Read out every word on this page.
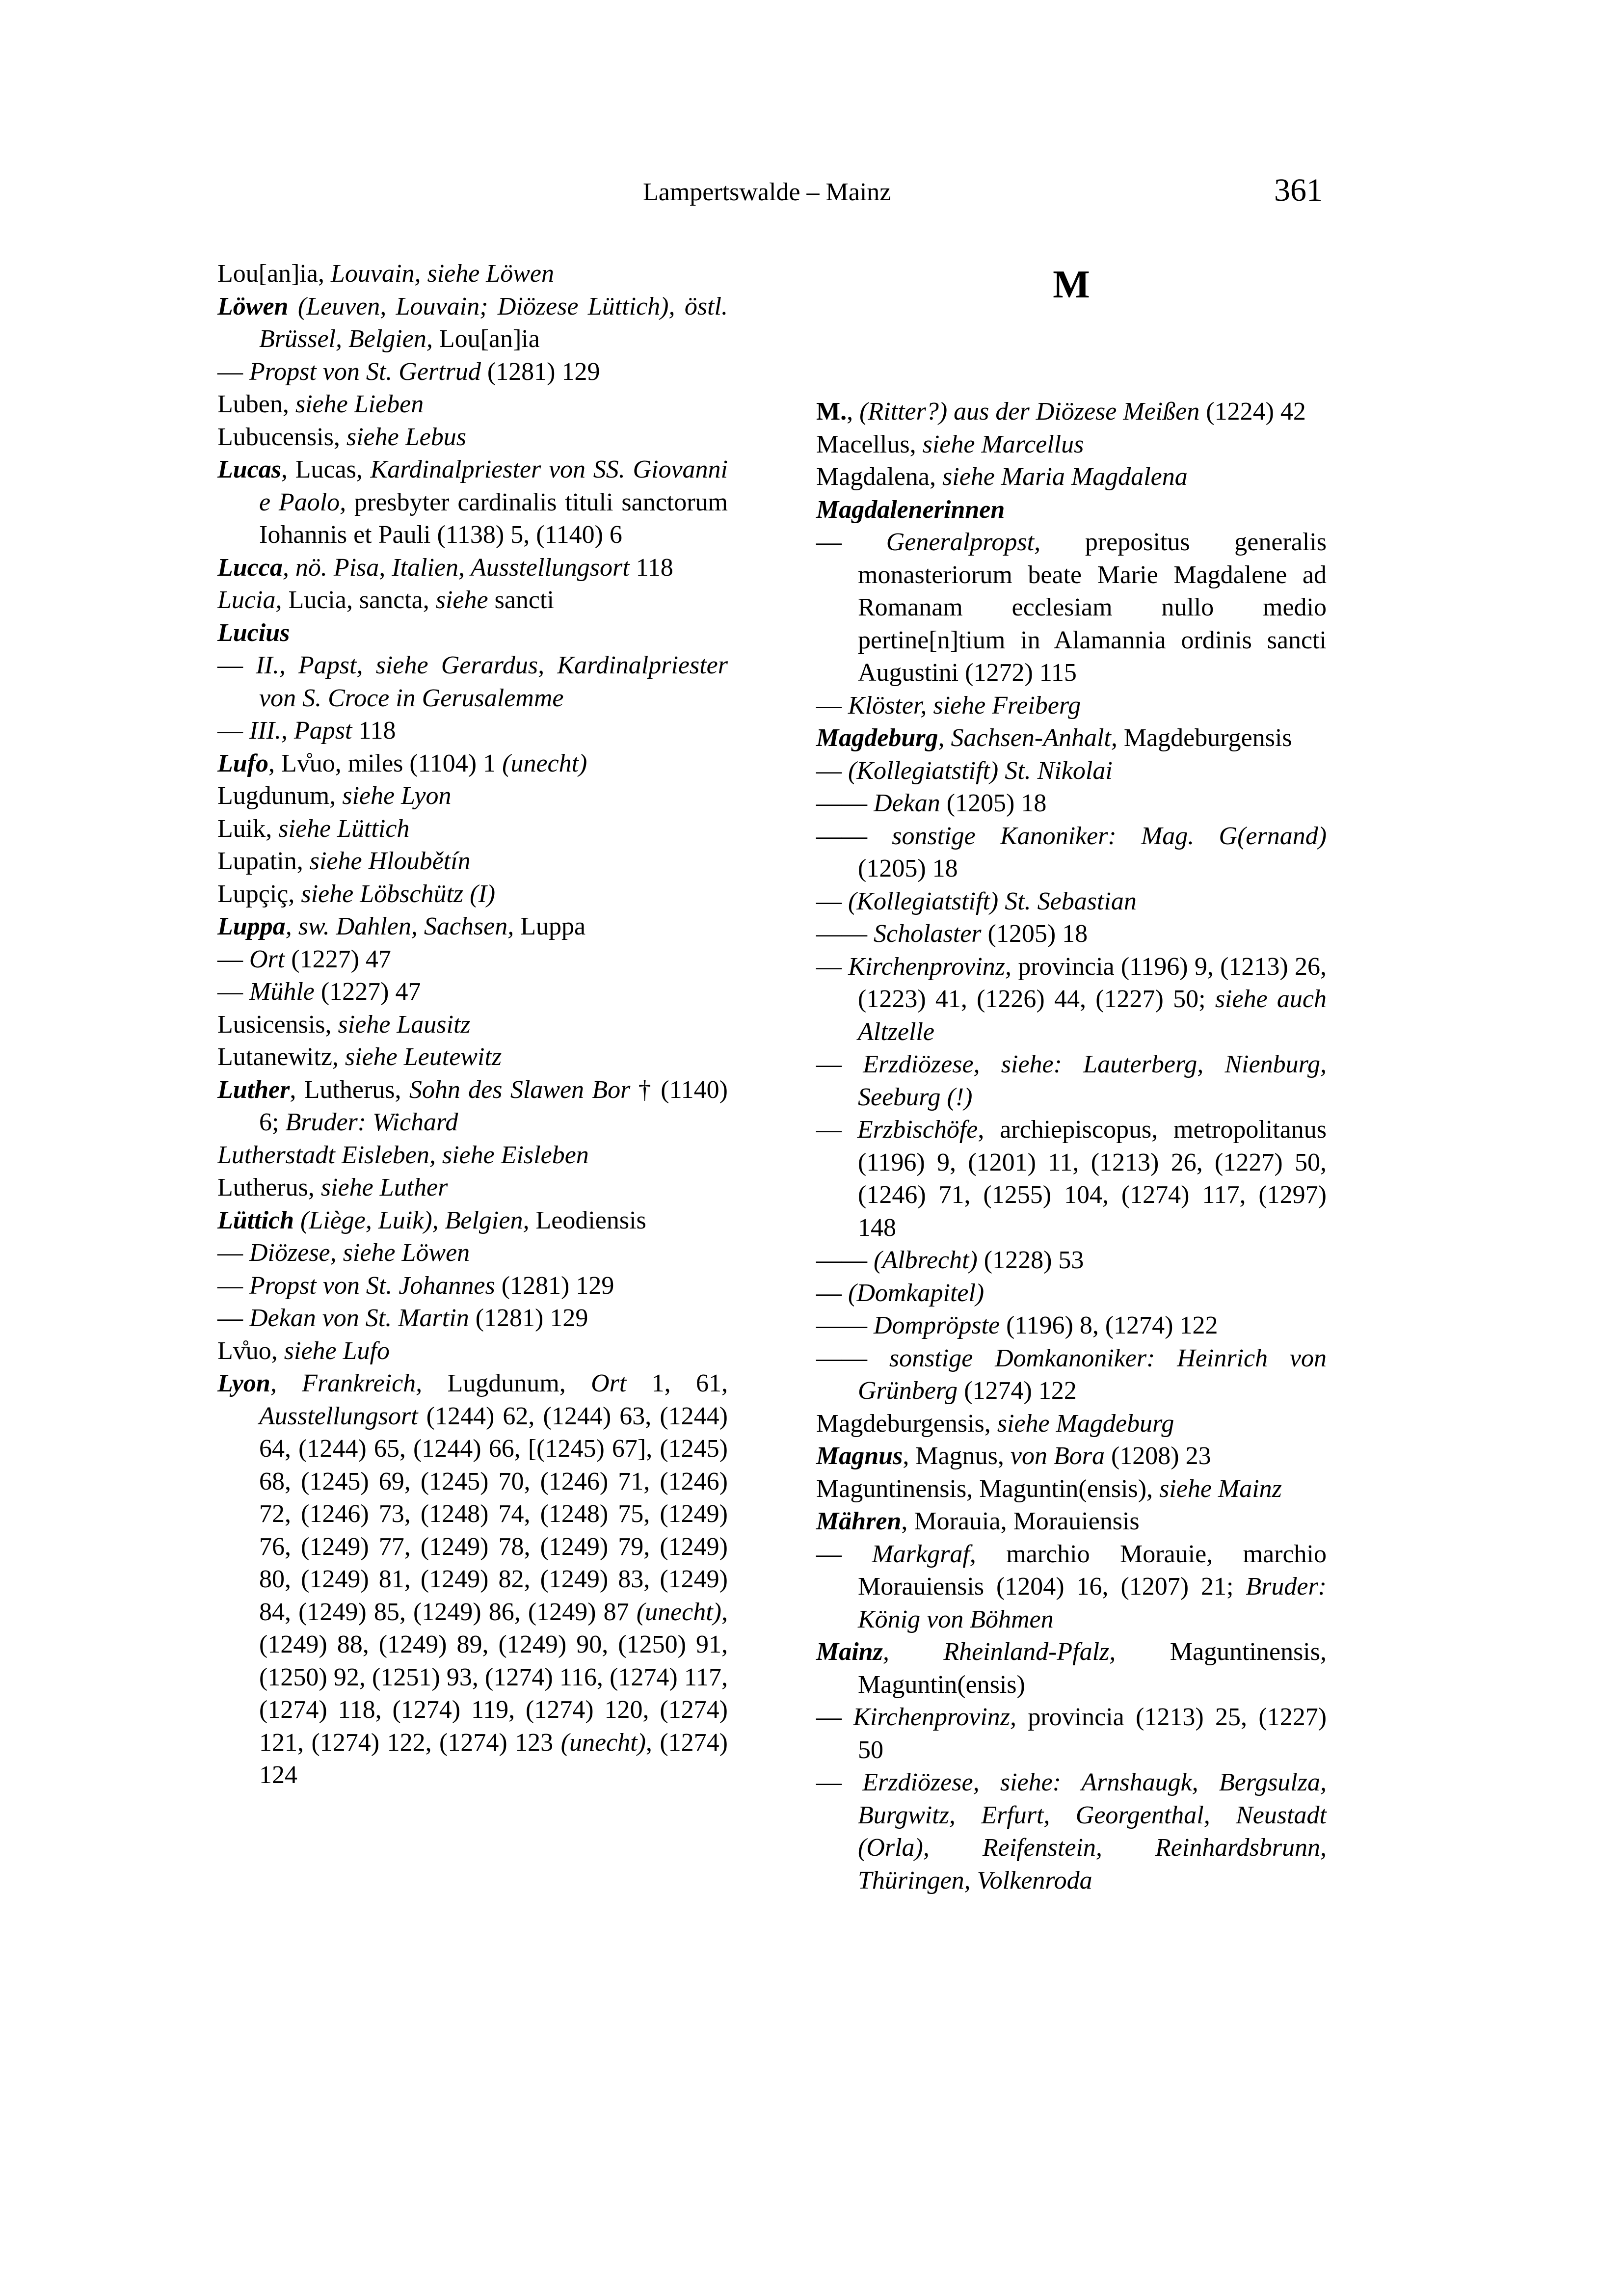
Lampertswalde – Mainz	361
Lou[an]ia, Louvain, siehe Löwen
Löwen (Leuven, Louvain; Diözese Lüttich), östl. Brüssel, Belgien, Lou[an]ia
— Propst von St. Gertrud (1281) 129
Luben, siehe Lieben
Lubucensis, siehe Lebus
Lucas, Lucas, Kardinalpriester von SS. Giovanni e Paolo, presbyter cardinalis tituli sanctorum Iohannis et Pauli (1138) 5, (1140) 6
Lucca, nö. Pisa, Italien, Ausstellungsort 118
Lucia, Lucia, sancta, siehe sancti
Lucius
— II., Papst, siehe Gerardus, Kardinalpriester von S. Croce in Gerusalemme
— III., Papst 118
Lufo, Lv̊uo, miles (1104) 1 (unecht)
Lugdunum, siehe Lyon
Luik, siehe Lüttich
Lupatin, siehe Hloubětín
Lupçiç, siehe Löbschütz (I)
Luppa, sw. Dahlen, Sachsen, Luppa
— Ort (1227) 47
— Mühle (1227) 47
Lusicensis, siehe Lausitz
Lutanewitz, siehe Leutewitz
Luther, Lutherus, Sohn des Slawen Bor † (1140) 6; Bruder: Wichard
Lutherstadt Eisleben, siehe Eisleben
Lutherus, siehe Luther
Lüttich (Liège, Luik), Belgien, Leodiensis
— Diözese, siehe Löwen
— Propst von St. Johannes (1281) 129
— Dekan von St. Martin (1281) 129
Lv̊uo, siehe Lufo
Lyon, Frankreich, Lugdunum, Ort 1, 61, Ausstellungsort (1244) 62, (1244) 63, (1244) 64, (1244) 65, (1244) 66, [(1245) 67], (1245) 68, (1245) 69, (1245) 70, (1246) 71, (1246) 72, (1246) 73, (1248) 74, (1248) 75, (1249) 76, (1249) 77, (1249) 78, (1249) 79, (1249) 80, (1249) 81, (1249) 82, (1249) 83, (1249) 84, (1249) 85, (1249) 86, (1249) 87 (unecht), (1249) 88, (1249) 89, (1249) 90, (1250) 91, (1250) 92, (1251) 93, (1274) 116, (1274) 117, (1274) 118, (1274) 119, (1274) 120, (1274) 121, (1274) 122, (1274) 123 (unecht), (1274) 124
M
M., (Ritter?) aus der Diözese Meißen (1224) 42
Macellus, siehe Marcellus
Magdalena, siehe Maria Magdalena
Magdalenerinnen
— Generalpropst, prepositus generalis monasteriorum beate Marie Magdalene ad Romanam ecclesiam nullo medio pertine[n]tium in Alamannia ordinis sancti Augustini (1272) 115
— Klöster, siehe Freiberg
Magdeburg, Sachsen-Anhalt, Magdeburgensis
— (Kollegiatstift) St. Nikolai
—— Dekan (1205) 18
—— sonstige Kanoniker: Mag. G(ernand) (1205) 18
— (Kollegiatstift) St. Sebastian
—— Scholaster (1205) 18
— Kirchenprovinz, provincia (1196) 9, (1213) 26, (1223) 41, (1226) 44, (1227) 50; siehe auch Altzelle
— Erzdiözese, siehe: Lauterberg, Nienburg, Seeburg (!)
— Erzbischöfe, archiepiscopus, metropolitanus (1196) 9, (1201) 11, (1213) 26, (1227) 50, (1246) 71, (1255) 104, (1274) 117, (1297) 148
—— (Albrecht) (1228) 53
— (Domkapitel)
—— Dompröpste (1196) 8, (1274) 122
—— sonstige Domkanoniker: Heinrich von Grünberg (1274) 122
Magdeburgensis, siehe Magdeburg
Magnus, Magnus, von Bora (1208) 23
Maguntinensis, Maguntin(ensis), siehe Mainz
Mähren, Morauia, Morauiensis
— Markgraf, marchio Morauie, marchio Morauiensis (1204) 16, (1207) 21; Bruder: König von Böhmen
Mainz, Rheinland-Pfalz, Maguntinensis, Maguntin(ensis)
— Kirchenprovinz, provincia (1213) 25, (1227) 50
— Erzdiözese, siehe: Arnshaugk, Bergsulza, Burgwitz, Erfurt, Georgenthal, Neustadt (Orla), Reifenstein, Reinhardsbrunn, Thüringen, Volkenroda
